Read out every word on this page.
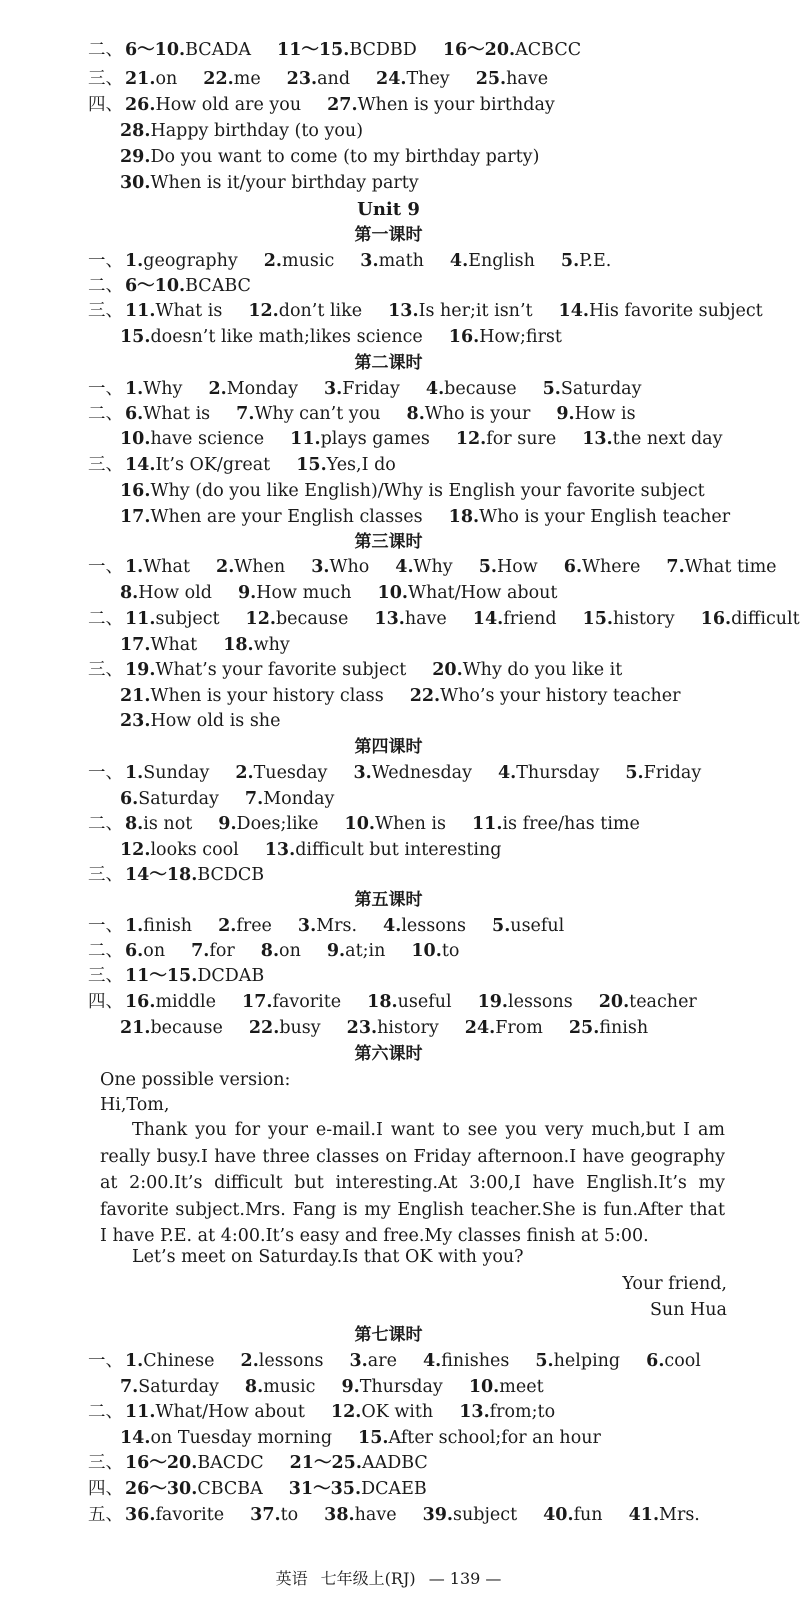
二、 6～10.BCADA 11～15.BCDBD 16～20.ACBCC
三、 21.on 22.me 23.and 24.They 25.have
四、 26.How old are you 27.When is your birthday
28.Happy birthday (to you)
29.Do you want to come (to my birthday party)
30.When is it/your birthday party
Unit 9
第一课时
一、 1.geography 2.music 3.math 4.English 5.P.E.
二、 6～10.BCABC
三、 11.What is 12.don’t like 13.Is her;it isn’t 14.His favorite subject
15.doesn’t like math;likes science 16.How;first
第二课时
一、 1.Why 2.Monday 3.Friday 4.because 5.Saturday
二、 6.What is 7.Why can’t you 8.Who is your 9.How is
10.have science 11.plays games 12.for sure 13.the next day
三、 14.It’s OK/great 15.Yes,I do
16.Why (do you like English)/Why is English your favorite subject
17.When are your English classes 18.Who is your English teacher
第三课时
一、 1.What 2.When 3.Who 4.Why 5.How 6.Where 7.What time
8.How old 9.How much 10.What/How about
二、 11.subject 12.because 13.have 14.friend 15.history 16.difficult
17.What 18.why
三、 19.What’s your favorite subject 20.Why do you like it
21.When is your history class 22.Who’s your history teacher
23.How old is she
第四课时
一、 1.Sunday 2.Tuesday 3.Wednesday 4.Thursday 5.Friday
6.Saturday 7.Monday
二、 8.is not 9.Does;like 10.When is 11.is free/has time
12.looks cool 13.difficult but interesting
三、 14～18.BCDCB
第五课时
一、 1.finish 2.free 3.Mrs. 4.lessons 5.useful
二、 6.on 7.for 8.on 9.at;in 10.to
三、 11～15.DCDAB
四、 16.middle 17.favorite 18.useful 19.lessons 20.teacher
21.because 22.busy 23.history 24.From 25.finish
第六课时
One possible version:
Hi,Tom,
Thank you for your e-mail.I want to see you very much,but I am really busy.I have three classes on Friday afternoon.I have geography at 2:00.It’s difficult but interesting.At 3:00,I have English.It’s my favorite subject.Mrs. Fang is my English teacher.She is fun.After that I have P.E. at 4:00.It’s easy and free.My classes finish at 5:00.
Let’s meet on Saturday.Is that OK with you?
Your friend,
Sun Hua
第七课时
一、 1.Chinese 2.lessons 3.are 4.finishes 5.helping 6.cool
7.Saturday 8.music 9.Thursday 10.meet
二、 11.What/How about 12.OK with 13.from;to
14.on Tuesday morning 15.After school;for an hour
三、 16～20.BACDC 21～25.AADBC
四、 26～30.CBCBA 31～35.DCAEB
五、 36.favorite 37.to 38.have 39.subject 40.fun 41.Mrs.
英语 七年级上(RJ) — 139 —
